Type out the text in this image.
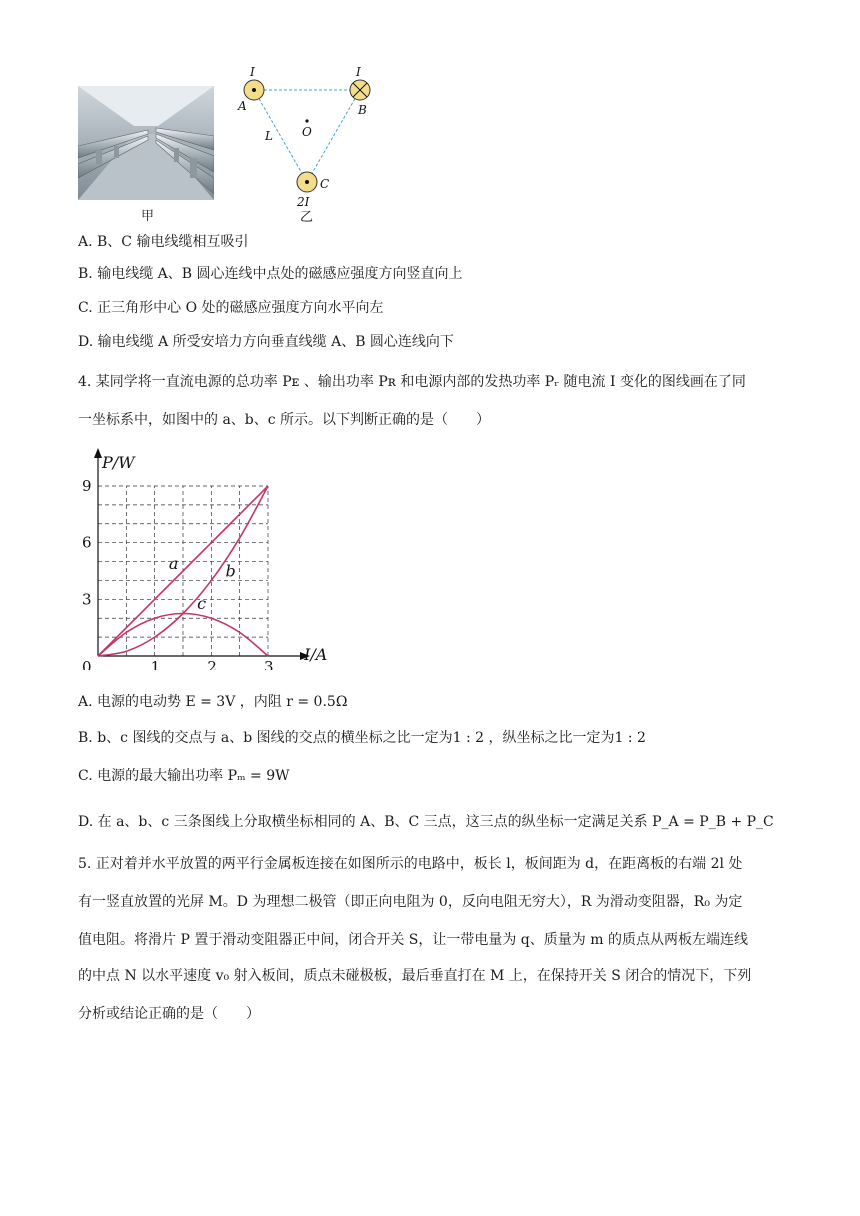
甲
I	I
A	B
C
O
L
2I
乙
A. B、C 输电线缆相互吸引
B. 输电线缆 A、B 圆心连线中点处的磁感应强度方向竖直向上
C. 正三角形中心 O 处的磁感应强度方向水平向左
D. 输电线缆 A 所受安培力方向垂直线缆 A、B 圆心连线向下
4. 某同学将一直流电源的总功率 Pᴇ 、输出功率 Pʀ 和电源内部的发热功率 Pᵣ 随电流 I 变化的图线画在了同
一坐标系中，如图中的 a、b、c 所示。以下判断正确的是（　　）
0	1	2	3
3
6
9
I/A
P/W
a	b
c
A. 电源的电动势 E = 3V ，内阻 r = 0.5Ω
B. b、c 图线的交点与 a、b 图线的交点的横坐标之比一定为1 : 2 ，纵坐标之比一定为1 : 2
C. 电源的最大输出功率 Pₘ = 9W
D. 在 a、b、c 三条图线上分取横坐标相同的 A、B、C 三点，这三点的纵坐标一定满足关系 P_A = P_B + P_C
5. 正对着并水平放置的两平行金属板连接在如图所示的电路中，板长 l，板间距为 d，在距离板的右端 2l 处
有一竖直放置的光屏 M。D 为理想二极管（即正向电阻为 0，反向电阻无穷大），R 为滑动变阻器，R₀ 为定
值电阻。将滑片 P 置于滑动变阻器正中间，闭合开关 S，让一带电量为 q、质量为 m 的质点从两板左端连线
的中点 N 以水平速度 v₀ 射入板间，质点未碰极板，最后垂直打在 M 上，在保持开关 S 闭合的情况下，下列
分析或结论正确的是（　　）
